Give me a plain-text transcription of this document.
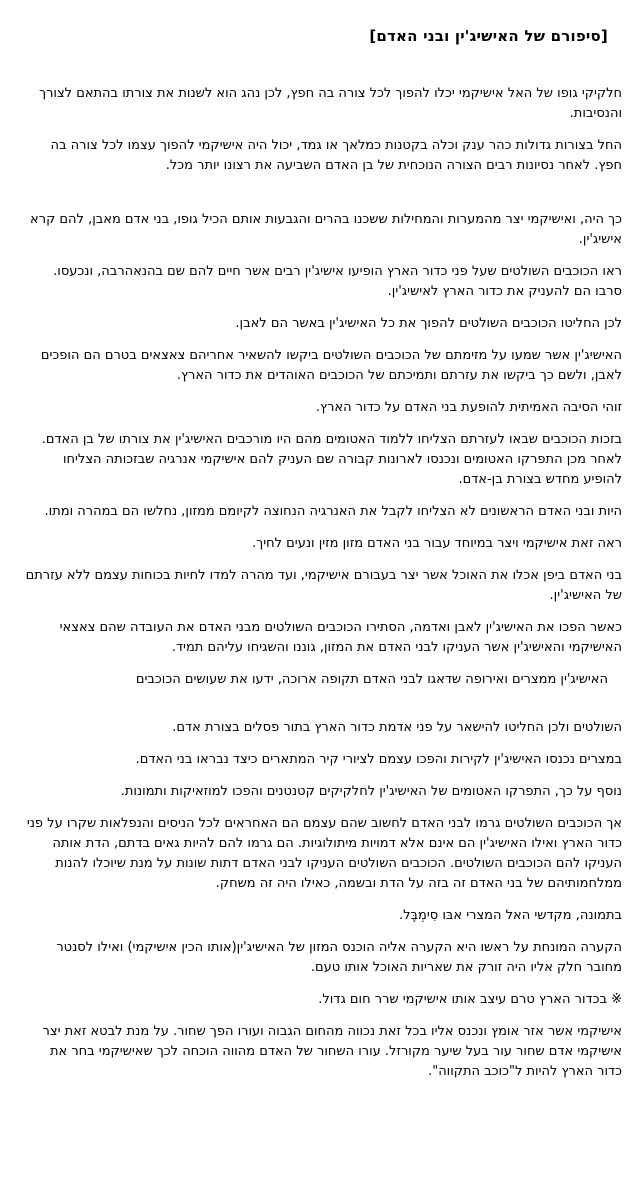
[סיפורם של האישיג'ין ובני האדם]

חלקיקי גופו של האל אישיקמי יכלו להפוך לכל צורה בה חפץ, לכן נהג הוא לשנות את צורתו בהתאם לצורך והנסיבות.

החל בצורות גדולות כהר ענק וכלה בקטנות כמלאך או גמד, יכול היה אישיקמי להפוך עצמו לכל צורה בה חפץ. לאחר נסיונות רבים הצורה הנוכחית של בן האדם השביעה את רצונו יותר מכל.

כך היה, ואישיקמי יצר מהמערות והמחילות ששכנו בהרים והגבעות אותם הכיל גופו, בני אדם מאבן, להם קרא אישיג'ין.

ראו הכוכבים השולטים שעל פני כדור הארץ הופיעו אישיג'ין רבים אשר חיים להם שם בהנאהרבה, ונכעסו. סרבו הם להעניק את כדור הארץ לאישיג'ין.

לכן החליטו הכוכבים השולטים להפוך את כל האישיג'ין באשר הם לאבן.

האישיג'ין אשר שמעו על מזימתם של הכוכבים השולטים ביקשו להשאיר אחריהם צאצאים בטרם הם הופכים לאבן, ולשם כך ביקשו את עזרתם ותמיכתם של הכוכבים האוהדים את כדור הארץ.

זוהי הסיבה האמיתית להופעת בני האדם על כדור הארץ.

בזכות הכוכבים שבאו לעזרתם הצליחו ללמוד האטומים מהם היו מורכבים האישיג'ין את צורתו של בן האדם. לאחר מכן התפרקו האטומים ונכנסו לארונות קבורה שם העניק להם אישיקמי אנרגיה שבזכותה הצליחו להופיע מחדש בצורת בן-אדם.

היות ובני האדם הראשונים לא הצליחו לקבל את האנרגיה הנחוצה לקיומם ממזון, נחלשו הם במהרה ומתו.

ראה זאת אישיקמי ויצר במיוחד עבור בני האדם מזון מזין ונעים לחיך.

בני האדם ביפן אכלו את האוכל אשר יצר בעבורם אישיקמי, ועד מהרה למדו לחיות בכוחות עצמם ללא עזרתם של האישיג'ין.

כאשר הפכו את האישיג'ין לאבן ואדמה, הסתירו הכוכבים השולטים מבני האדם את העובדה שהם צאצאי האישיקמי והאישיג'ין אשר העניקו לבני האדם את המזון, גוננו והשגיחו עליהם תמיד.

האישיג'ין ממצרים ואירופה שדאגו לבני האדם תקופה ארוכה, ידעו את שעושים הכוכבים

השולטים ולכן החליטו להישאר על פני אדמת כדור הארץ בתור פסלים בצורת אדם.

במצרים נכנסו האישיג'ין לקירות והפכו עצמם לציורי קיר המתארים כיצד נבראו בני האדם.

נוסף על כך, התפרקו האטומים של האישיג'ין לחלקיקים קטנטנים והפכו למוזאיקות ותמונות.

אך הכוכבים השולטים גרמו לבני האדם לחשוב שהם עצמם הם האחראים לכל הניסים והנפלאות שקרו על פני כדור הארץ ואילו האישיג'ין הם אינם אלא דמויות מיתולוגיות. הם גרמו להם להיות גאים בדתם, הדת אותה העניקו להם הכוכבים השולטים. הכוכבים השולטים העניקו לבני האדם דתות שונות על מנת שיוכלו להנות ממלחמותיהם של בני האדם זה בזה על הדת ובשמה, כאילו היה זה משחק.

בתמונה, מקדשי האל המצרי אבּו סִימְבֶּל.

הקערה המונחת על ראשו היא הקערה אליה הוכנס המזון של האישיג'ין(אותו הכין אישיקמי) ואילו לסנטר מחובר חלק אליו היה זורק את שאריות האוכל אותו טעם.

※ בכדור הארץ טרם עיצב אותו אישיקמי שרר חום גדול.

אישיקמי אשר אזר אומץ ונכנס אליו בכל זאת נכווה מהחום הגבוה ועורו הפך שחור. על מנת לבטא זאת יצר אישיקמי אדם שחור עור בעל שיער מקורזל. עורו השחור של האדם מהווה הוכחה לכך שאישיקמי בחר את כדור הארץ להיות ל"כוכב התקווה".
